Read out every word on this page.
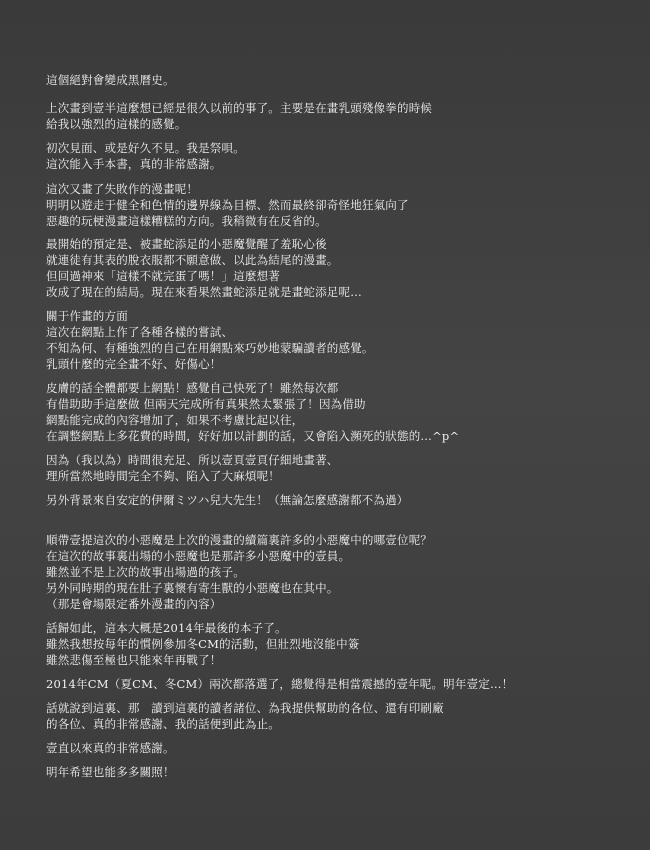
這個絕對會變成黑曆史。
上次畫到壹半這麼想已經是很久以前的事了。主要是在畫乳頭殘像拳的時候
給我以強烈的這樣的感覺。
初次見面、或是好久不見。我是祭唄。
這次能入手本書，真的非常感謝。
這次又畫了失敗作的漫畫呢！
明明以遊走于健全和色情的邊界線為目標、然而最終卻奇怪地狂氣向了
惡趣的玩梗漫畫這樣糟糕的方向。我稍微有在反省的。
最開始的預定是、被畫蛇添足的小惡魔覺醒了羞恥心後
就連徒有其表的脫衣服都不願意做、以此為結尾的漫畫。
但回過神來「這樣不就完蛋了嗎！」這麼想著
改成了現在的結局。現在來看果然畫蛇添足就是畫蛇添足呢…
關于作畫的方面
這次在網點上作了各種各樣的嘗試、
不知為何、有種強烈的自己在用網點來巧妙地蒙騙讀者的感覺。
乳頭什麼的完全畫不好、好傷心！
皮膚的話全體都要上網點！感覺自己快死了！雖然每次都
有借助助手這麼做 但兩天完成所有真果然太緊張了！因為借助
網點能完成的內容增加了，如果不考慮比起以往，
在調整網點上多花費的時間，好好加以計劃的話，又會陷入瀕死的狀態的…^p^
因為（我以為）時間很充足、所以壹頁壹頁仔細地畫著、
理所當然地時間完全不夠、陷入了大麻煩呢！
另外背景來自安定的伊爾ミツハ兒大先生！（無論怎麼感謝都不為過）
順帶壹提這次的小惡魔是上次的漫畫的續篇裏許多的小惡魔中的哪壹位呢？
在這次的故事裏出場的小惡魔也是那許多小惡魔中的壹員。
雖然並不是上次的故事出場過的孩子。
另外同時期的現在肚子裏懷有寄生獸的小惡魔也在其中。
（那是會場限定番外漫畫的內容）
話歸如此，這本大概是2014年最後的本子了。
雖然我想按每年的慣例參加冬CM的活動，但壯烈地沒能中簽
雖然悲傷至極也只能來年再戰了！
2014年CM（夏CM、冬CM）兩次都落選了，總覺得是相當震撼的壹年呢。明年壹定…！
話就說到這裏、那　讀到這裏的讀者諸位、為我提供幫助的各位、還有印刷廠
的各位、真的非常感謝、我的話便到此為止。
壹直以來真的非常感謝。
明年希望也能多多關照！
